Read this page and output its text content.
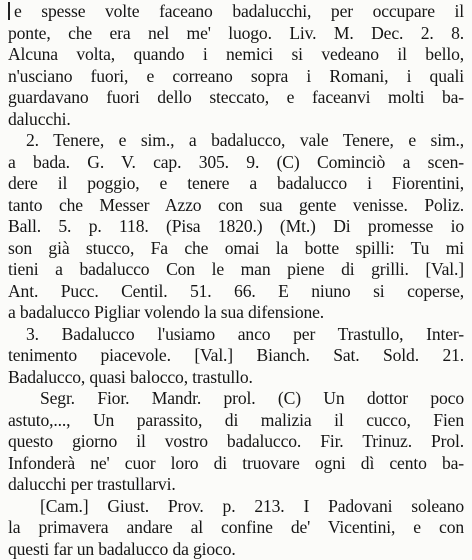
e spesse volte faceano badalucchi, per occupare il
ponte, che era nel me' luogo. Liv. M. Dec. 2. 8.
Alcuna volta, quando i nemici si vedeano il bello,
n'usciano fuori, e correano sopra i Romani, i quali
guardavano fuori dello steccato, e faceanvi molti ba-
dalucchi.
2. Tenere, e sim., a badalucco, vale Tenere, e sim.,
a bada. G. V. cap. 305. 9. (C) Cominciò a scen-
dere il poggio, e tenere a badalucco i Fiorentini,
tanto che Messer Azzo con sua gente venisse. Poliz.
Ball. 5. p. 118. (Pisa 1820.) (Mt.) Di promesse io
son già stucco, Fa che omai la botte spilli: Tu mi
tieni a badalucco Con le man piene di grilli. [Val.]
Ant. Pucc. Centil. 51. 66. E niuno si coperse,
a badalucco Pigliar volendo la sua difensione.
3. Badalucco l'usiamo anco per Trastullo, Inter-
tenimento piacevole. [Val.] Bianch. Sat. Sold. 21.
Badalucco, quasi balocco, trastullo.
Segr. Fior. Mandr. prol. (C) Un dottor poco
astuto,..., Un parassito, di malizia il cucco, Fien
questo giorno il vostro badalucco. Fir. Trinuz. Prol.
Infonderà ne' cuor loro di truovare ogni dì cento ba-
dalucchi per trastullarvi.
[Cam.] Giust. Prov. p. 213. I Padovani soleano
la primavera andare al confine de' Vicentini, e con
questi far un badalucco da gioco.
